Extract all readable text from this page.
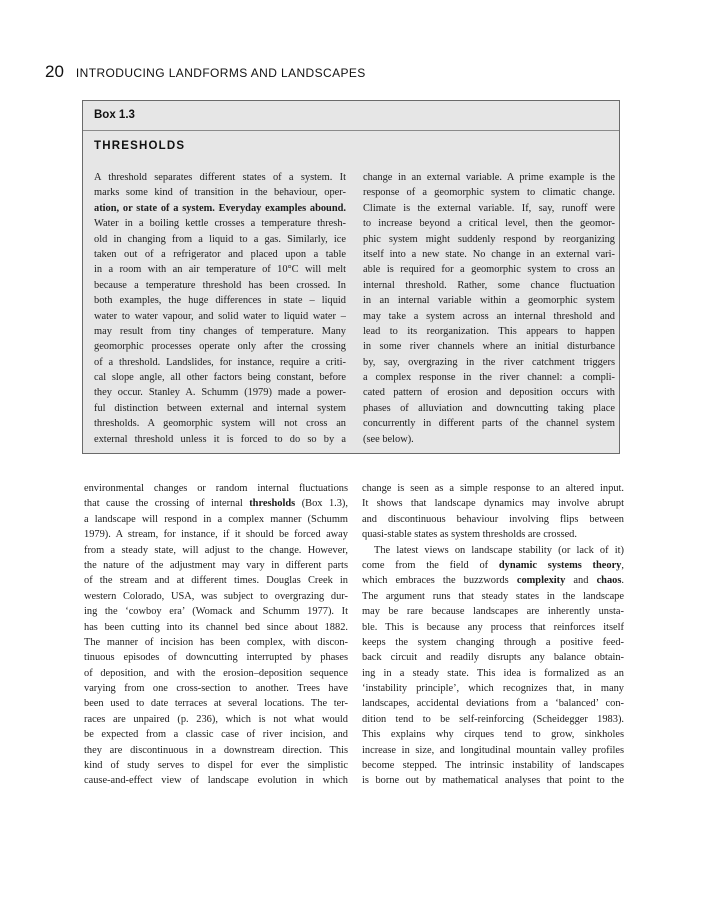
20 INTRODUCING LANDFORMS AND LANDSCAPES
Box 1.3
THRESHOLDS
A threshold separates different states of a system. It
marks some kind of transition in the behaviour, oper-
ation, or state of a system. Everyday examples abound.
Water in a boiling kettle crosses a temperature thresh-
old in changing from a liquid to a gas. Similarly, ice
taken out of a refrigerator and placed upon a table
in a room with an air temperature of 10°C will melt
because a temperature threshold has been crossed. In
both examples, the huge differences in state – liquid
water to water vapour, and solid water to liquid water –
may result from tiny changes of temperature. Many
geomorphic processes operate only after the crossing
of a threshold. Landslides, for instance, require a criti-
cal slope angle, all other factors being constant, before
they occur. Stanley A. Schumm (1979) made a power-
ful distinction between external and internal system
thresholds. A geomorphic system will not cross an
external threshold unless it is forced to do so by a
change in an external variable. A prime example is the
response of a geomorphic system to climatic change.
Climate is the external variable. If, say, runoff were
to increase beyond a critical level, then the geomor-
phic system might suddenly respond by reorganizing
itself into a new state. No change in an external vari-
able is required for a geomorphic system to cross an
internal threshold. Rather, some chance fluctuation
in an internal variable within a geomorphic system
may take a system across an internal threshold and
lead to its reorganization. This appears to happen
in some river channels where an initial disturbance
by, say, overgrazing in the river catchment triggers
a complex response in the river channel: a compli-
cated pattern of erosion and deposition occurs with
phases of alluviation and downcutting taking place
concurrently in different parts of the channel system
(see below).
environmental changes or random internal fluctuations
that cause the crossing of internal thresholds (Box 1.3),
a landscape will respond in a complex manner (Schumm
1979). A stream, for instance, if it should be forced away
from a steady state, will adjust to the change. However,
the nature of the adjustment may vary in different parts
of the stream and at different times. Douglas Creek in
western Colorado, USA, was subject to overgrazing dur-
ing the ‘cowboy era’ (Womack and Schumm 1977). It
has been cutting into its channel bed since about 1882.
The manner of incision has been complex, with discon-
tinuous episodes of downcutting interrupted by phases
of deposition, and with the erosion–deposition sequence
varying from one cross-section to another. Trees have
been used to date terraces at several locations. The ter-
races are unpaired (p. 236), which is not what would
be expected from a classic case of river incision, and
they are discontinuous in a downstream direction. This
kind of study serves to dispel for ever the simplistic
cause-and-effect view of landscape evolution in which
change is seen as a simple response to an altered input.
It shows that landscape dynamics may involve abrupt
and discontinuous behaviour involving flips between
quasi-stable states as system thresholds are crossed.
The latest views on landscape stability (or lack of it)
come from the field of dynamic systems theory,
which embraces the buzzwords complexity and chaos.
The argument runs that steady states in the landscape
may be rare because landscapes are inherently unsta-
ble. This is because any process that reinforces itself
keeps the system changing through a positive feed-
back circuit and readily disrupts any balance obtain-
ing in a steady state. This idea is formalized as an
‘instability principle’, which recognizes that, in many
landscapes, accidental deviations from a ‘balanced’ con-
dition tend to be self-reinforcing (Scheidegger 1983).
This explains why cirques tend to grow, sinkholes
increase in size, and longitudinal mountain valley profiles
become stepped. The intrinsic instability of landscapes
is borne out by mathematical analyses that point to the
